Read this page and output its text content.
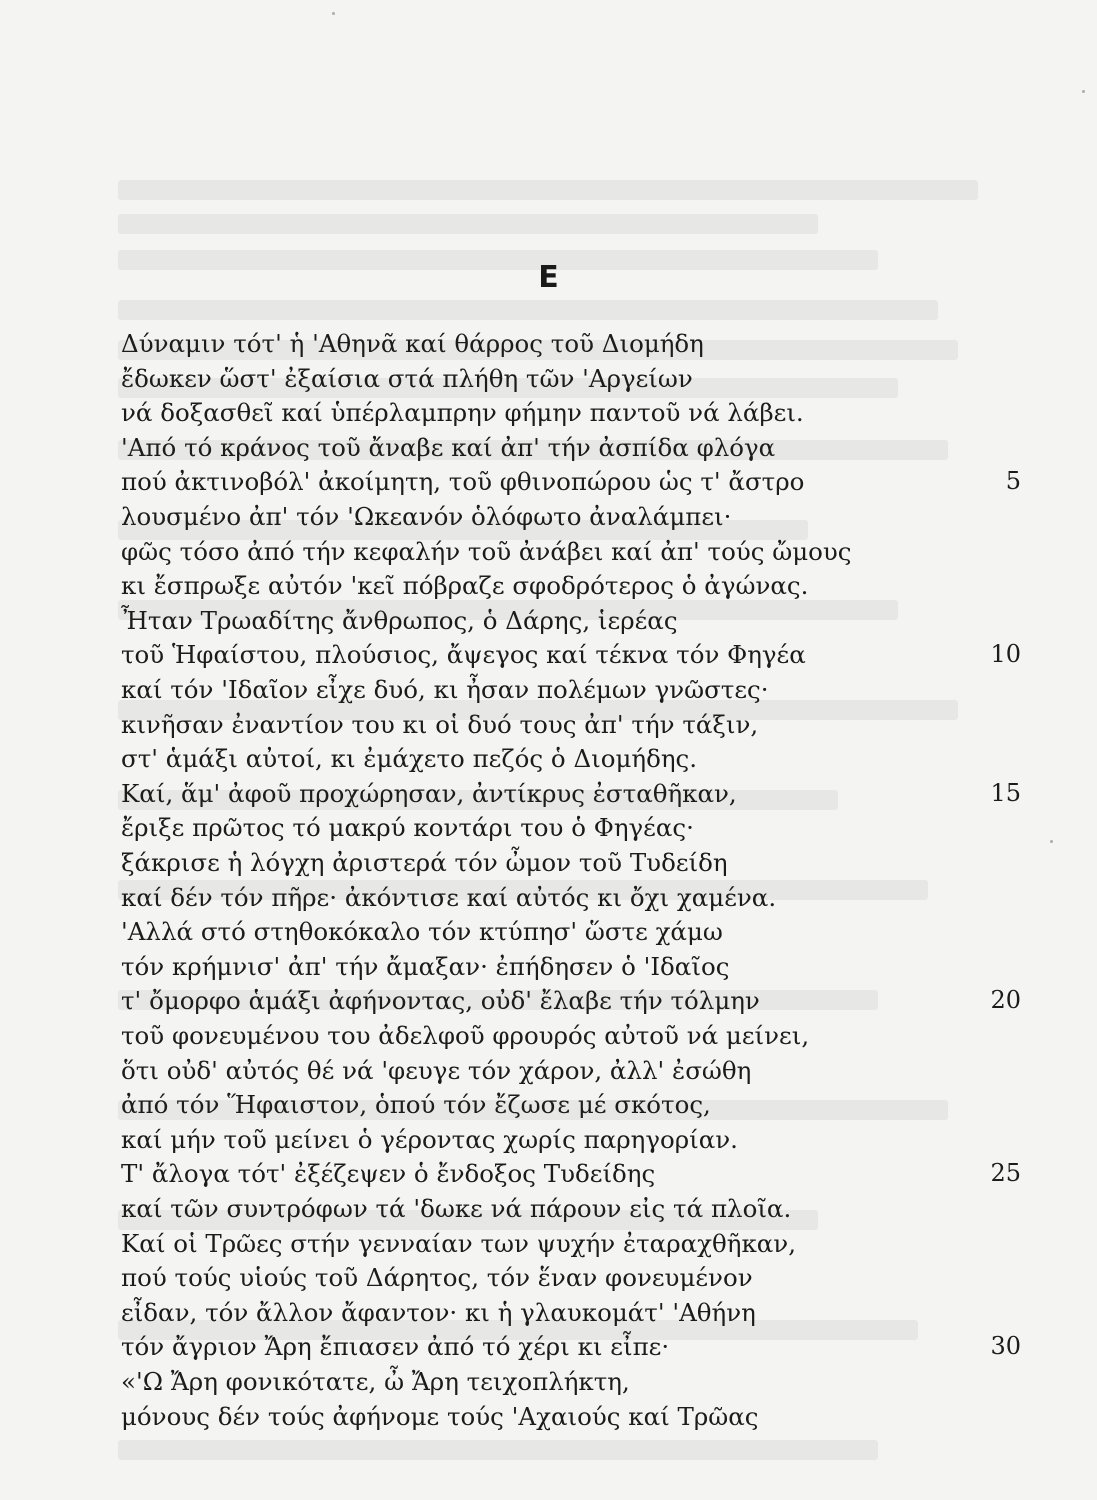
Ε
Δύναμιν τότ' ἡ 'Αθηνᾶ καί θάρρος τοῦ Διομήδη
ἔδωκεν ὥστ' ἐξαίσια στά πλήθη τῶν 'Αργείων
νά δοξασθεῖ καί ὑπέρλαμπρην φήμην παντοῦ νά λάβει.
'Από τό κράνος τοῦ ἄναβε καί ἀπ' τήν ἀσπίδα φλόγα
πού ἀκτινοβόλ' ἀκοίμητη, τοῦ φθινοπώρου ὡς τ' ἄστρο	5
λουσμένο ἀπ' τόν 'Ωκεανόν ὁλόφωτο ἀναλάμπει·
φῶς τόσο ἀπό τήν κεφαλήν τοῦ ἀνάβει καί ἀπ' τούς ὤμους
κι ἔσπρωξε αὐτόν 'κεῖ πόβραζε σφοδρότερος ὁ ἀγώνας.
Ἦταν Τρωαδίτης ἄνθρωπος, ὁ Δάρης, ἱερέας
τοῦ Ἡφαίστου, πλούσιος, ἄψεγος καί τέκνα τόν Φηγέα	10
καί τόν 'Ιδαῖον εἶχε δυό, κι ἦσαν πολέμων γνῶστες·
κινῆσαν ἐναντίον του κι οἱ δυό τους ἀπ' τήν τάξιν,
στ' ἁμάξι αὐτοί, κι ἐμάχετο πεζός ὁ Διομήδης.
Καί, ἅμ' ἀφοῦ προχώρησαν, ἀντίκρυς ἐσταθῆκαν,	15
ἔριξε πρῶτος τό μακρύ κοντάρι του ὁ Φηγέας·
ξάκρισε ἡ λόγχη ἀριστερά τόν ὦμον τοῦ Τυδείδη
καί δέν τόν πῆρε· ἀκόντισε καί αὐτός κι ὄχι χαμένα.
'Αλλά στό στηθοκόκαλο τόν κτύπησ' ὥστε χάμω
τόν κρήμνισ' ἀπ' τήν ἄμαξαν· ἐπήδησεν ὁ 'Ιδαῖος
τ' ὄμορφο ἁμάξι ἀφήνοντας, οὐδ' ἔλαβε τήν τόλμην	20
τοῦ φονευμένου του ἀδελφοῦ φρουρός αὐτοῦ νά μείνει,
ὅτι οὐδ' αὐτός θέ νά 'φευγε τόν χάρον, ἀλλ' ἐσώθη
ἀπό τόν Ἥφαιστον, ὁπού τόν ἔζωσε μέ σκότος,
καί μήν τοῦ μείνει ὁ γέροντας χωρίς παρηγορίαν.
Τ' ἄλογα τότ' ἐξέζεψεν ὁ ἔνδοξος Τυδείδης	25
καί τῶν συντρόφων τά 'δωκε νά πάρουν εἰς τά πλοῖα.
Καί οἱ Τρῶες στήν γενναίαν των ψυχήν ἐταραχθῆκαν,
πού τούς υἱούς τοῦ Δάρητος, τόν ἕναν φονευμένον
εἶδαν, τόν ἄλλον ἄφαντον· κι ἡ γλαυκομάτ' 'Αθήνη
τόν ἄγριον Ἄρη ἔπιασεν ἀπό τό χέρι κι εἶπε·	30
«'Ω Ἄρη φονικότατε, ὦ Ἄρη τειχοπλήκτη,
μόνους δέν τούς ἀφήνομε τούς 'Αχαιούς καί Τρῶας
